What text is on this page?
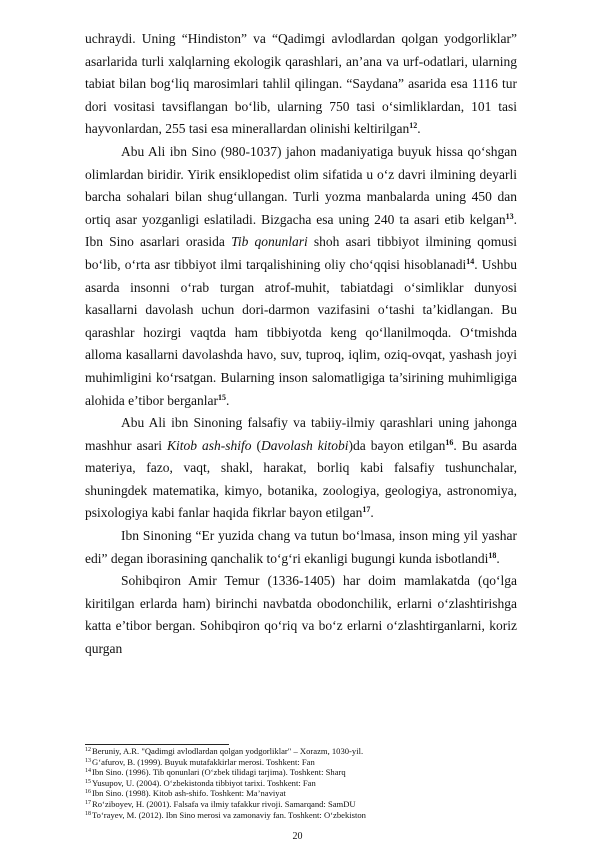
uchraydi. Uning “Hindiston” va “Qadimgi avlodlardan qolgan yodgorliklar” asarlarida turli xalqlarning ekologik qarashlari, an’ana va urf-odatlari, ularning tabiat bilan bog‘liq marosimlari tahlil qilingan. “Saydana” asarida esa 1116 tur dori vositasi tavsiflangan bo‘lib, ularning 750 tasi o‘simliklardan, 101 tasi hayvonlardan, 255 tasi esa minerallardan olinishi keltirilgan$^{12}$.

Abu Ali ibn Sino (980-1037) jahon madaniyatiga buyuk hissa qo‘shgan olimlardan biridir. Yirik ensiklopedist olim sifatida u o‘z davri ilmining deyarli barcha sohalari bilan shug‘ullangan. Turli yozma manbalarda uning 450 dan ortiq asar yozganligi eslatiladi. Bizgacha esa uning 240 ta asari etib kelgan$^{13}$. Ibn Sino asarlari orasida Tib qonunlari shoh asari tibbiyot ilmining qomusi bo‘lib, o‘rta asr tibbiyot ilmi tarqalishining oliy cho‘qqisi hisoblanadi$^{14}$. Ushbu asarda insonni o‘rab turgan atrof-muhit, tabiatdagi o‘simliklar dunyosi kasallarni davolash uchun dori-darmon vazifasini o‘tashi ta’kidlangan. Bu qarashlar hozirgi vaqtda ham tibbiyotda keng qo‘llanilmoqda. O‘tmishda alloma kasallarni davolashda havo, suv, tuproq, iqlim, oziq-ovqat, yashash joyi muhimligini ko‘rsatgan. Bularning inson salomatligiga ta’sirining muhimligiga alohida e’tibor berganlar$^{15}$.

Abu Ali ibn Sinoning falsafiy va tabiiy-ilmiy qarashlari uning jahonga mashhur asari Kitob ash-shifo (Davolash kitobi)da bayon etilgan$^{16}$. Bu asarda materiya, fazo, vaqt, shakl, harakat, borliq kabi falsafiy tushunchalar, shuningdek matematika, kimyo, botanika, zoologiya, geologiya, astronomiya, psixologiya kabi fanlar haqida fikrlar bayon etilgan$^{17}$.

Ibn Sinoning “Er yuzida chang va tutun bo‘lmasa, inson ming yil yashar edi” degan iborasining qanchalik to‘g‘ri ekanligi bugungi kunda isbotlandi$^{18}$.

Sohibqiron Amir Temur (1336-1405) har doim mamlakatda (qo‘lga kiritilgan erlarda ham) birinchi navbatda obodonchilik, erlarni o‘zlashtirishga katta e’tibor bergan. Sohibqiron qo‘riq va bo‘z erlarni o‘zlashtirganlarni, koriz qurgan

$^{12}$Beruniy, A.R. "Qadimgi avlodlardan qolgan yodgorliklar" – Xorazm, 1030-yil.
$^{13}$G‘afurov, B. (1999). Buyuk mutafakkirlar merosi. Toshkent: Fan
$^{14}$Ibn Sino. (1996). Tib qonunlari (O‘zbek tilidagi tarjima). Toshkent: Sharq
$^{15}$Yusupov, U. (2004). O‘zbekistonda tibbiyot tarixi. Toshkent: Fan
$^{16}$Ibn Sino. (1998). Kitob ash-shifo. Toshkent: Ma’naviyat
$^{17}$Ro‘ziboyev, H. (2001). Falsafa va ilmiy tafakkur rivoji. Samarqand: SamDU
$^{18}$To‘rayev, M. (2012). Ibn Sino merosi va zamonaviy fan. Toshkent: O‘zbekiston
20
